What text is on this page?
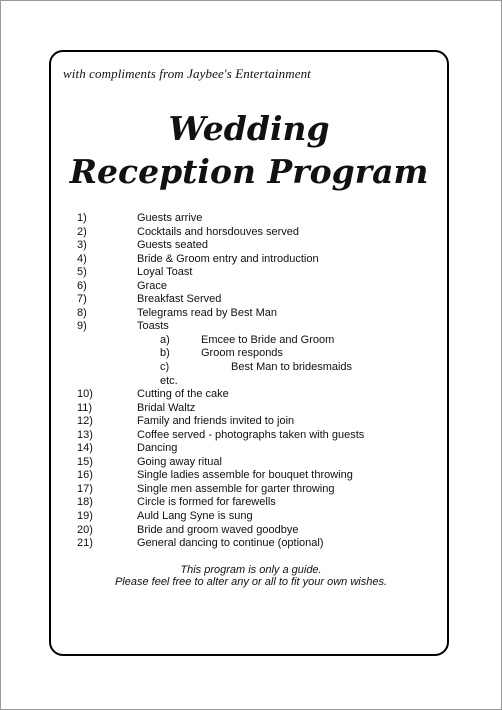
with compliments from Jaybee's Entertainment
Wedding
Reception Program
1)	Guests arrive
2)	Cocktails and horsdouves served
3)	Guests seated
4)	Bride & Groom entry and introduction
5)	Loyal Toast
6)	Grace
7)	Breakfast Served
8)	Telegrams read by Best Man
9)	Toasts
a)	Emcee to Bride and Groom
b)	Groom responds
c)	Best Man to bridesmaids
etc.
10)	Cutting of the cake
11)	Bridal Waltz
12)	Family and friends invited to join
13)	Coffee served - photographs taken with guests
14)	Dancing
15)	Going away ritual
16)	Single ladies assemble for bouquet throwing
17)	Single men assemble for garter throwing
18)	Circle is formed for farewells
19)	Auld Lang Syne is sung
20)	Bride and groom waved goodbye
21)	General dancing to continue (optional)
This program is only a guide.
Please feel free to alter any or all to fit your own wishes.
